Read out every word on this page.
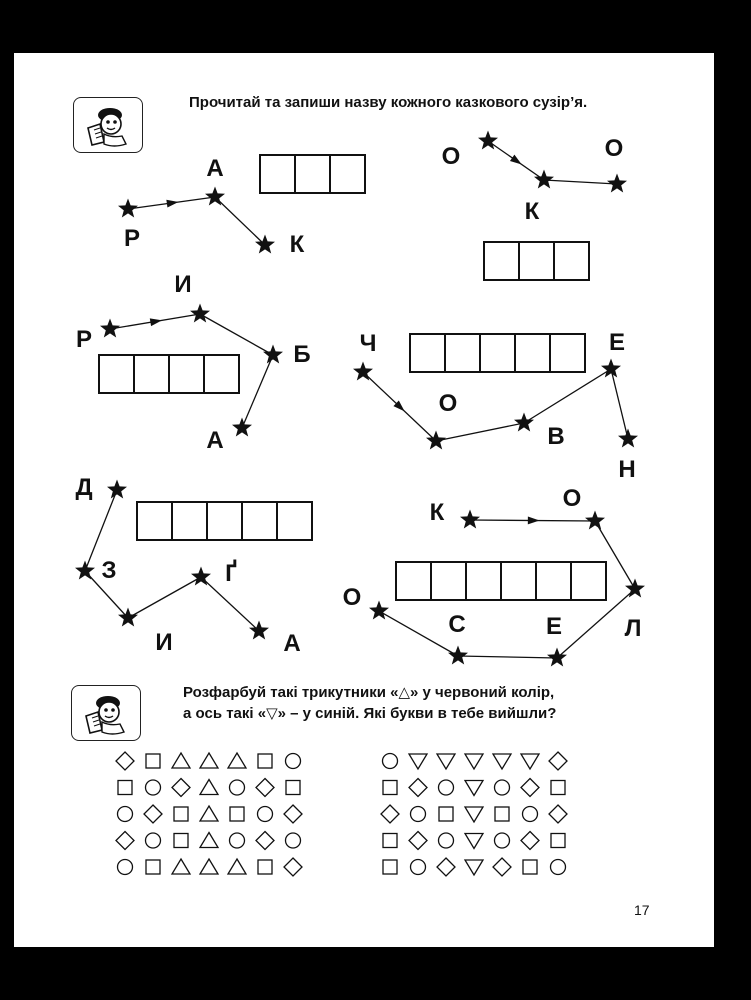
Прочитай та запиши назву кожного казкового сузір’я.
Розфарбуй такі трикутники «△» у червоний колір,
а ось такі «▽» – у синій. Які букви в тебе вийшли?
Р
А
К
О
К
О
Р
И
Б
А
Ч
О
В
Е
Н
Д
З
И
Ґ
А
К
О
Л
Е
С
О
17
